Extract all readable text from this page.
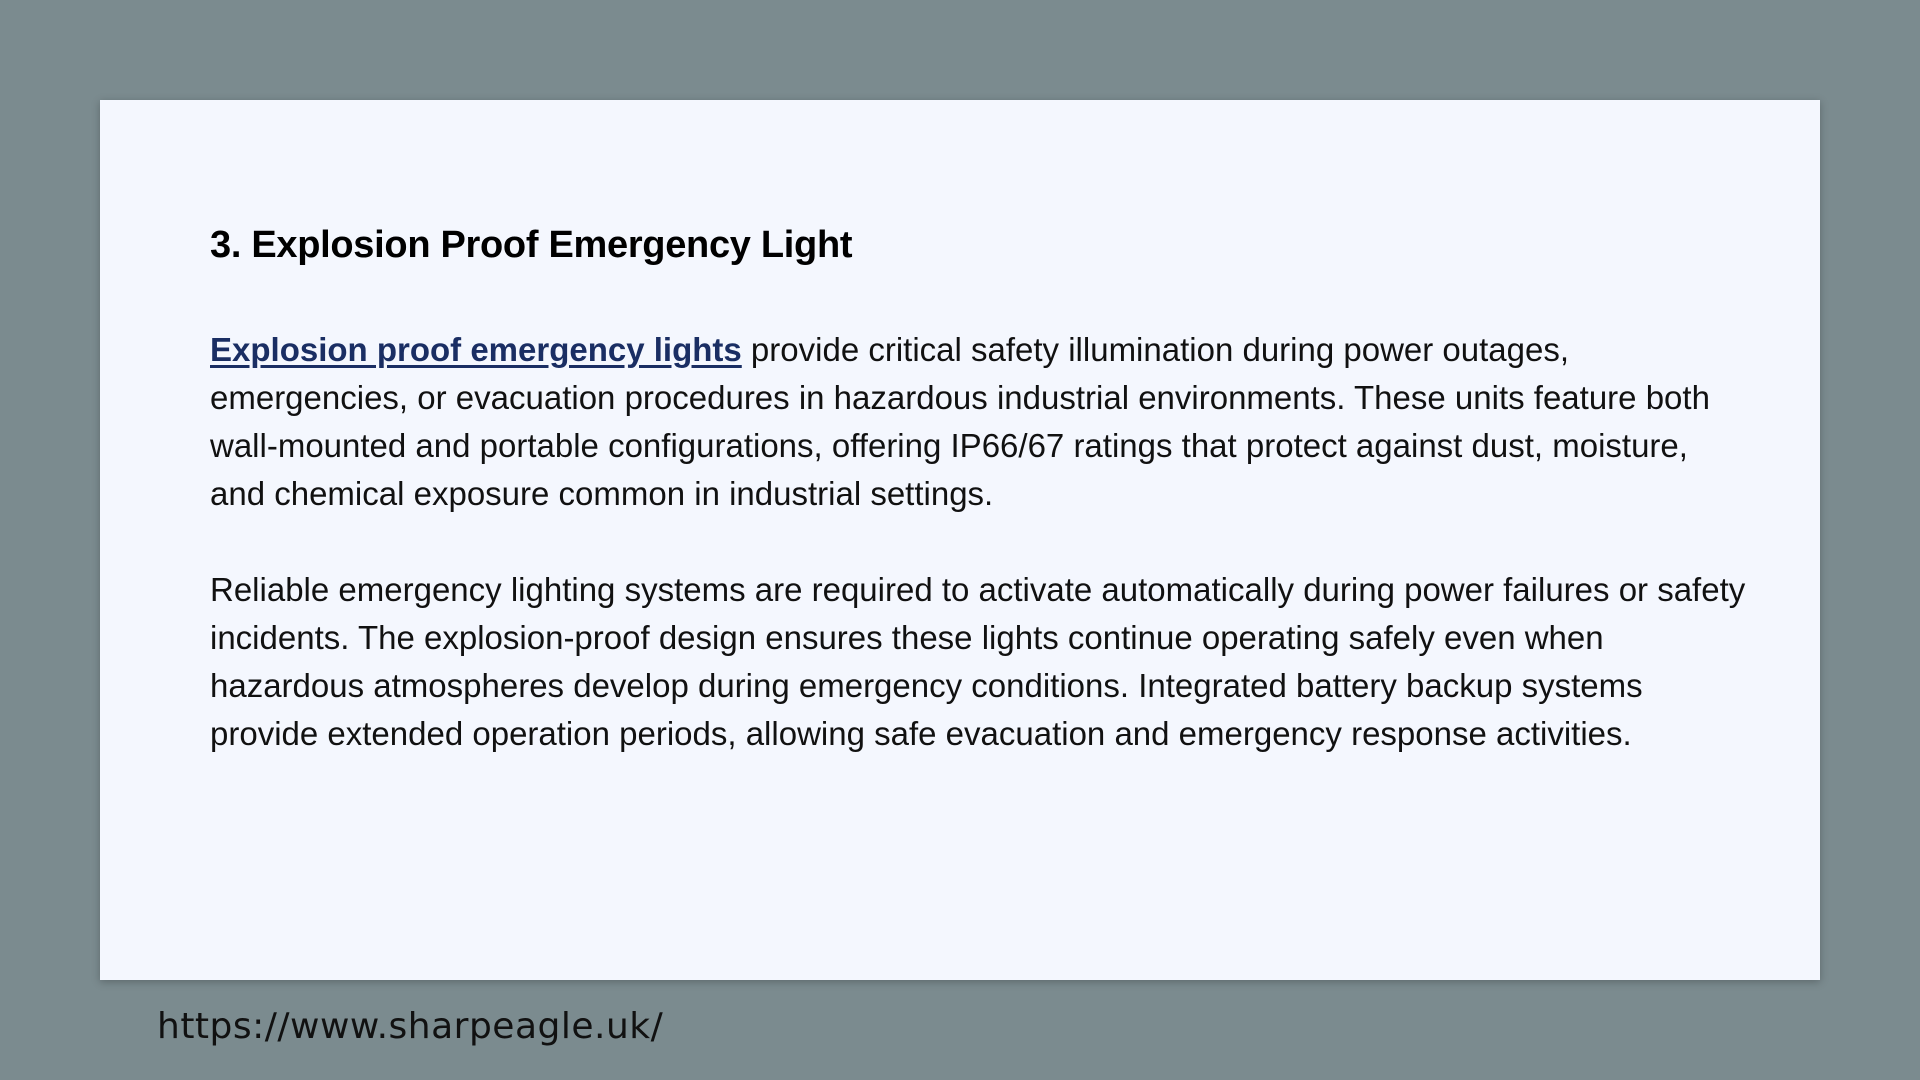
3. Explosion Proof Emergency Light

Explosion proof emergency lights provide critical safety illumination during power outages, emergencies, or evacuation procedures in hazardous industrial environments. These units feature both wall-mounted and portable configurations, offering IP66/67 ratings that protect against dust, moisture, and chemical exposure common in industrial settings.

Reliable emergency lighting systems are required to activate automatically during power failures or safety incidents. The explosion-proof design ensures these lights continue operating safely even when hazardous atmospheres develop during emergency conditions. Integrated battery backup systems provide extended operation periods, allowing safe evacuation and emergency response activities.

https://www.sharpeagle.uk/
